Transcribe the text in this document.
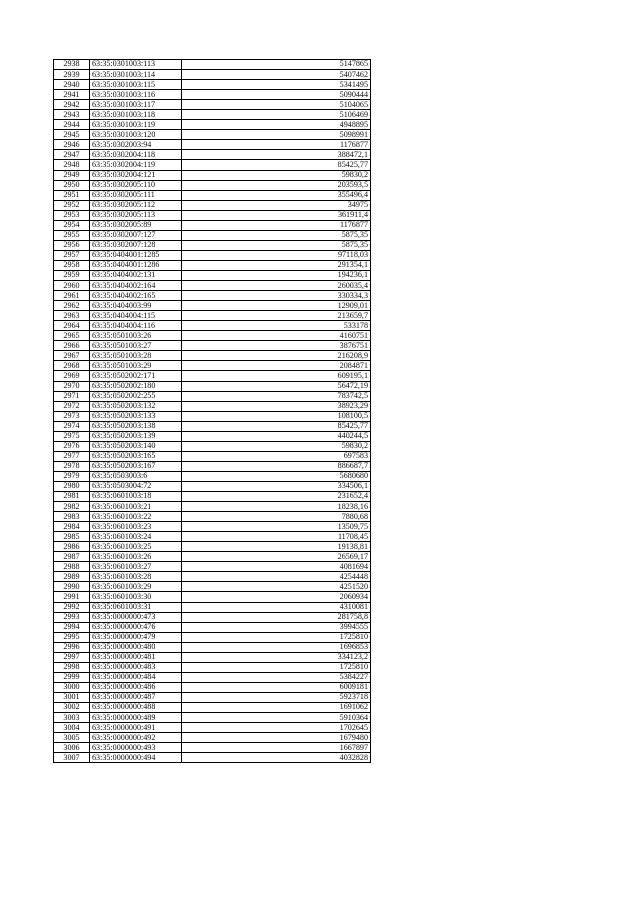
2938	63:35:0301003:113	5147865
2939	63:35:0301003:114	5407462
2940	63:35:0301003:115	5341495
2941	63:35:0301003:116	5090444
2942	63:35:0301003:117	5104065
2943	63:35:0301003:118	5106469
2944	63:35:0301003:119	4948895
2945	63:35:0301003:120	5098991
2946	63:35:0302003:94	1176877
2947	63:35:0302004:118	388472,1
2948	63:35:0302004:119	85425,77
2949	63:35:0302004:121	59830,2
2950	63:35:0302005:110	203593,5
2951	63:35:0302005:111	355496,4
2952	63:35:0302005:112	34975
2953	63:35:0302005:113	361911,4
2954	63:35:0302005:89	1176877
2955	63:35:0302007:127	5875,35
2956	63:35:0302007:128	5875,35
2957	63:35:0404001:1285	97118,03
2958	63:35:0404001:1286	291354,1
2959	63:35:0404002:131	194236,1
2960	63:35:0404002:164	260035,4
2961	63:35:0404002:165	330334,3
2962	63:35:0404003:99	12909,01
2963	63:35:0404004:115	213659,7
2964	63:35:0404004:116	533178
2965	63:35:0501003:26	4160751
2966	63:35:0501003:27	3876751
2967	63:35:0501003:28	216208,9
2968	63:35:0501003:29	2084871
2969	63:35:0502002:171	609195,1
2970	63:35:0502002:180	56472,19
2971	63:35:0502002:255	783742,5
2972	63:35:0502003:132	38923,29
2973	63:35:0502003:133	108100,5
2974	63:35:0502003:138	85425,77
2975	63:35:0502003:139	440244,5
2976	63:35:0502003:140	59830,2
2977	63:35:0502003:165	697583
2978	63:35:0502003:167	886687,7
2979	63:35:0503003:6	5680680
2980	63:35:0503004:72	334506,1
2981	63:35:0601003:18	231652,4
2982	63:35:0601003:21	18238,16
2983	63:35:0601003:22	7880,68
2984	63:35:0601003:23	13509,75
2985	63:35:0601003:24	11708,45
2986	63:35:0601003:25	19138,81
2987	63:35:0601003:26	26569,17
2988	63:35:0601003:27	4081694
2989	63:35:0601003:28	4254448
2990	63:35:0601003:29	4251520
2991	63:35:0601003:30	2060934
2992	63:35:0601003:31	4310081
2993	63:35:0000000:473	281758,8
2994	63:35:0000000:476	3994555
2995	63:35:0000000:479	1725810
2996	63:35:0000000:480	1696853
2997	63:35:0000000:481	334123,2
2998	63:35:0000000:483	1725810
2999	63:35:0000000:484	5384227
3000	63:35:0000000:486	6009181
3001	63:35:0000000:487	5923718
3002	63:35:0000000:488	1691062
3003	63:35:0000000:489	5910364
3004	63:35:0000000:491	1702645
3005	63:35:0000000:492	1679480
3006	63:35:0000000:493	1667897
3007	63:35:0000000:494	4032828
